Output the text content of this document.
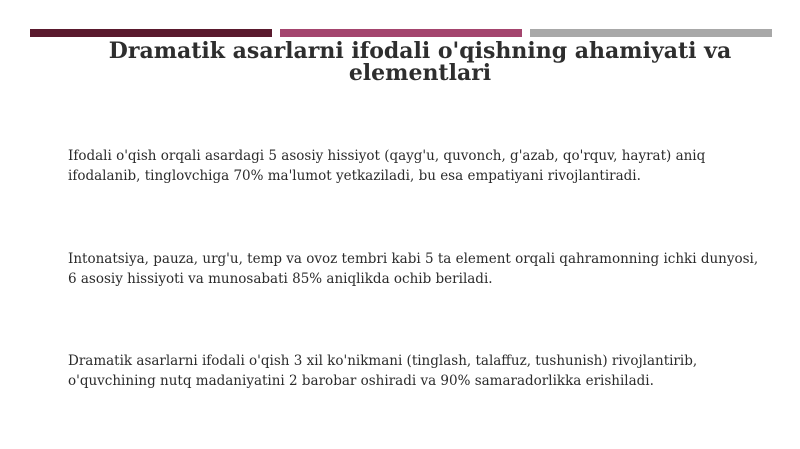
Dramatik asarlarni ifodali o'qishning ahamiyati va elementlari

Ifodali o'qish orqali asardagi 5 asosiy hissiyot (qayg'u, quvonch, g'azab, qo'rquv, hayrat) aniq ifodalanib, tinglovchiga 70% ma'lumot yetkaziladi, bu esa empatiyani rivojlantiradi.

Intonatsiya, pauza, urg'u, temp va ovoz tembri kabi 5 ta element orqali qahramonning ichki dunyosi, 6 asosiy hissiyoti va munosabati 85% aniqlikda ochib beriladi.

Dramatik asarlarni ifodali o'qish 3 xil ko'nikmani (tinglash, talaffuz, tushunish) rivojlantirib, o'quvchining nutq madaniyatini 2 barobar oshiradi va 90% samaradorlikka erishiladi.
